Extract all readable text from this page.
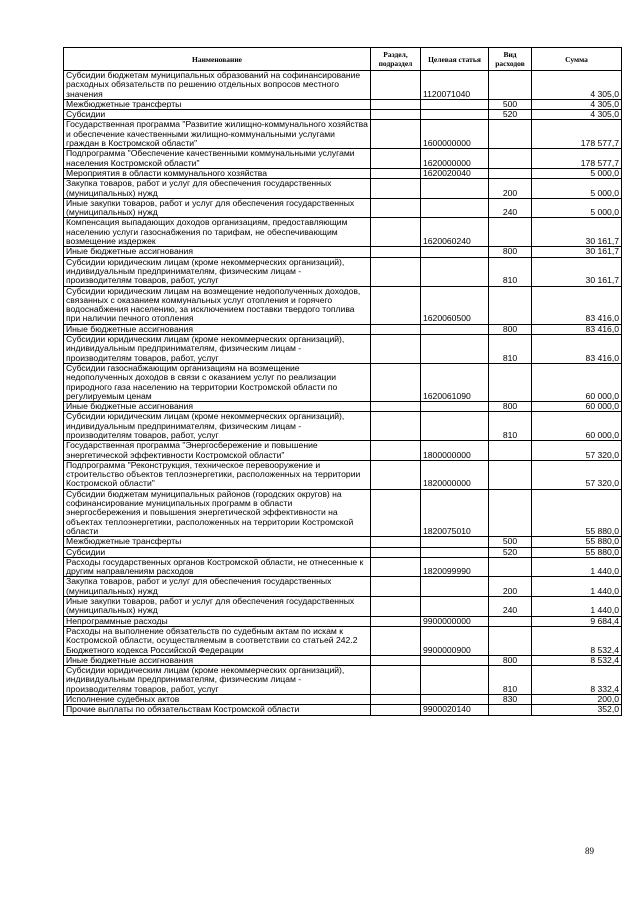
Наименование	Раздел, подраздел	Целевая статья	Вид расходов	Сумма
Субсидии бюджетам муниципальных образований на софинансирование расходных обязательств по решению отдельных вопросов местного значения		1120071040		4 305,0
Межбюджетные трансферты			500	4 305,0
Субсидии			520	4 305,0
Государственная программа "Развитие жилищно-коммунального хозяйства и обеспечение качественными жилищно-коммунальными услугами граждан в Костромской области"		1600000000		178 577,7
Подпрограмма "Обеспечение качественными коммунальными услугами населения Костромской области"		1620000000		178 577,7
Мероприятия в области коммунального хозяйства		1620020040		5 000,0
Закупка товаров, работ и услуг для обеспечения государственных (муниципальных) нужд			200	5 000,0
Иные закупки товаров, работ и услуг для обеспечения государственных (муниципальных) нужд			240	5 000,0
Компенсация выпадающих доходов организациям, предоставляющим населению услуги газоснабжения по тарифам, не обеспечивающим возмещение издержек		1620060240		30 161,7
Иные бюджетные ассигнования			800	30 161,7
Субсидии юридическим лицам (кроме некоммерческих организаций), индивидуальным предпринимателям, физическим лицам - производителям товаров, работ, услуг			810	30 161,7
Субсидии юридическим лицам на возмещение недополученных доходов, связанных с оказанием коммунальных услуг отопления и горячего водоснабжения населению, за исключением поставки твердого топлива при наличии печного отопления		1620060500		83 416,0
Иные бюджетные ассигнования			800	83 416,0
Субсидии юридическим лицам (кроме некоммерческих организаций), индивидуальным предпринимателям, физическим лицам - производителям товаров, работ, услуг			810	83 416,0
Субсидии газоснабжающим организациям на возмещение недополученных доходов в связи с оказанием услуг по реализации природного газа населению на территории Костромской области по регулируемым ценам		1620061090		60 000,0
Иные бюджетные ассигнования			800	60 000,0
Субсидии юридическим лицам (кроме некоммерческих организаций), индивидуальным предпринимателям, физическим лицам - производителям товаров, работ, услуг			810	60 000,0
Государственная программа "Энергосбережение и повышение энергетической эффективности Костромской области"		1800000000		57 320,0
Подпрограмма "Реконструкция, техническое перевооружение и строительство объектов теплоэнергетики, расположенных на территории Костромской области"		1820000000		57 320,0
Субсидии бюджетам муниципальных районов (городских округов) на софинансирование муниципальных программ в области энергосбережения и повышения энергетической эффективности на объектах теплоэнергетики, расположенных на территории Костромской области		1820075010		55 880,0
Межбюджетные трансферты			500	55 880,0
Субсидии			520	55 880,0
Расходы государственных органов Костромской области, не отнесенные к другим направлениям расходов		1820099990		1 440,0
Закупка товаров, работ и услуг для обеспечения государственных (муниципальных) нужд			200	1 440,0
Иные закупки товаров, работ и услуг для обеспечения государственных (муниципальных) нужд			240	1 440,0
Непрограммные расходы		9900000000		9 684,4
Расходы на выполнение обязательств по судебным актам по искам к Костромской области, осуществляемым в соответствии со статьей 242.2 Бюджетного кодекса Российской Федерации		9900000900		8 532,4
Иные бюджетные ассигнования			800	8 532,4
Субсидии юридическим лицам (кроме некоммерческих организаций), индивидуальным предпринимателям, физическим лицам - производителям товаров, работ, услуг			810	8 332,4
Исполнение судебных актов			830	200,0
Прочие выплаты по обязательствам Костромской области		9900020140		352,0
89
